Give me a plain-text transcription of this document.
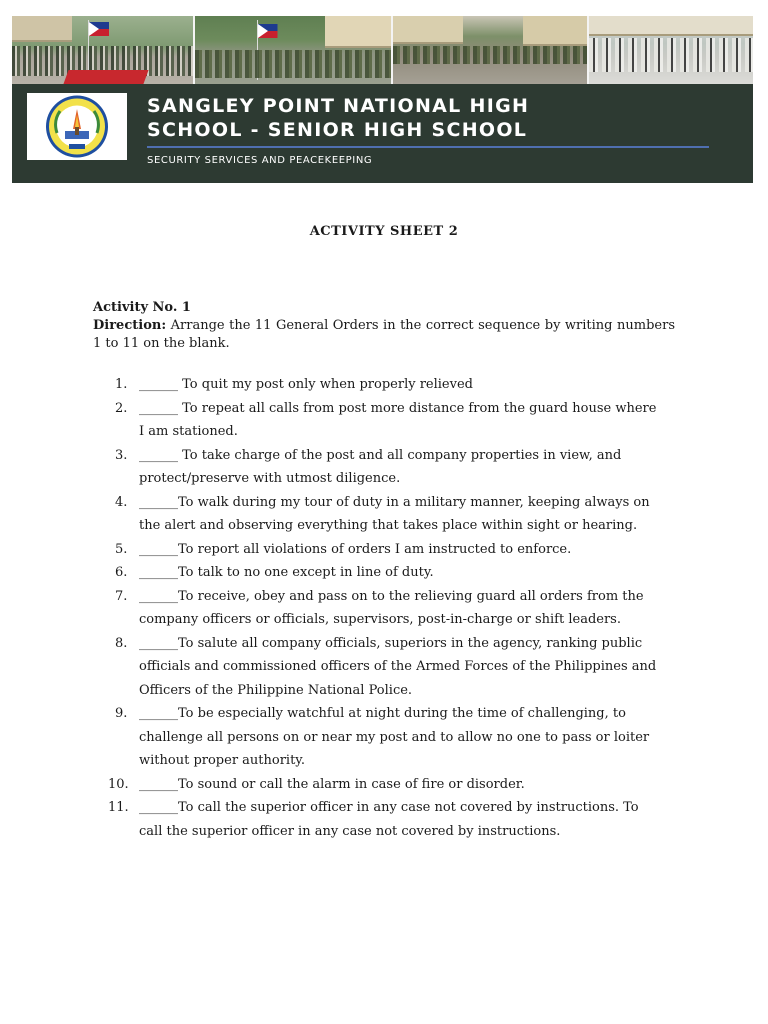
SANGLEY POINT NATIONAL HIGH
SCHOOL - SENIOR HIGH SCHOOL
SECURITY SERVICES AND PEACEKEEPING
ACTIVITY SHEET 2

Activity No. 1

Direction: Arrange the 11 General Orders in the correct sequence by writing numbers 1 to 11 on the blank.

1. ______ To quit my post only when properly relieved
2. ______ To repeat all calls from post more distance from the guard house where I am stationed.
3. ______ To take charge of the post and all company properties in view, and protect/preserve with utmost diligence.
4. ______To walk during my tour of duty in a military manner, keeping always on the alert and observing everything that takes place within sight or hearing.
5. ______To report all violations of orders I am instructed to enforce.
6. ______To talk to no one except in line of duty.
7. ______To receive, obey and pass on to the relieving guard all orders from the company officers or officials, supervisors, post-in-charge or shift leaders.
8. ______To salute all company officials, superiors in the agency, ranking public officials and commissioned officers of the Armed Forces of the Philippines and Officers of the Philippine National Police.
9. ______To be especially watchful at night during the time of challenging, to challenge all persons on or near my post and to allow no one to pass or loiter without proper authority.
10. ______To sound or call the alarm in case of fire or disorder.
11. ______To call the superior officer in any case not covered by instructions. To call the superior officer in any case not covered by instructions.
